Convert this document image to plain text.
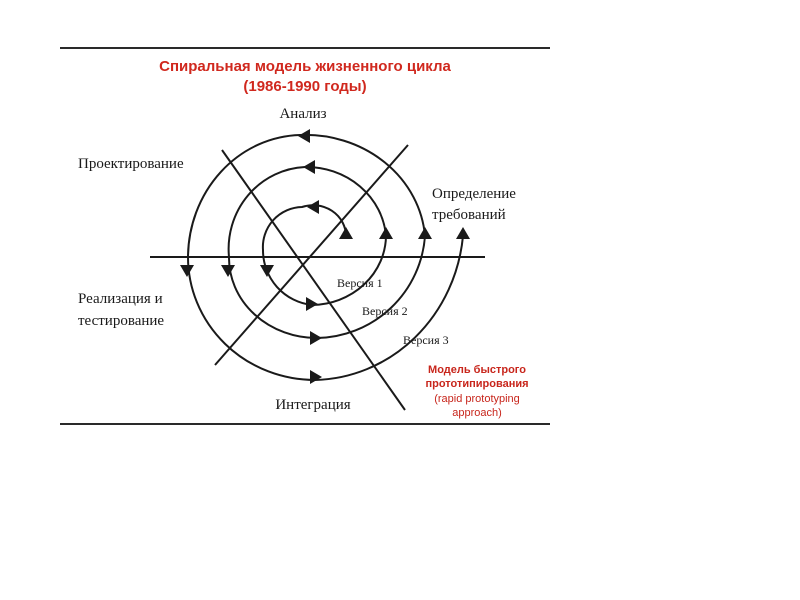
Спиральная модель жизненного цикла
(1986-1990 годы)
Анализ
Проектирование
Определение
требований
Реализация и
тестирование
Интеграция
Версия 1
Версия 2
Версия 3
Модель быстрого
прототипирования
(rapid prototyping
approach)
